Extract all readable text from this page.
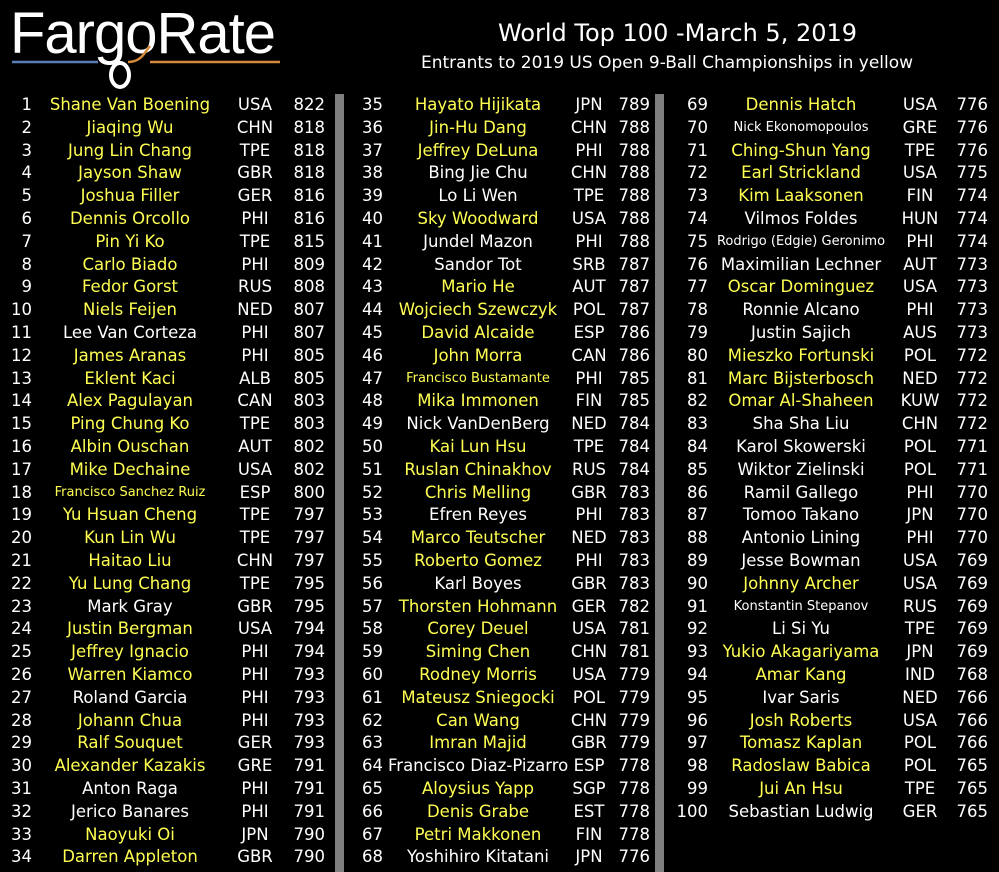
FargoRate	World Top 100 -March 5, 2019
Entrants to 2019 US Open 9-Ball Championships in yellow
1	Shane Van Boening	USA	822
2	Jiaqing Wu	CHN	818
3	Jung Lin Chang	TPE	818
4	Jayson Shaw	GBR	818
5	Joshua Filler	GER	816
6	Dennis Orcollo	PHI	816
7	Pin Yi Ko	TPE	815
8	Carlo Biado	PHI	809
9	Fedor Gorst	RUS	808
10	Niels Feijen	NED	807
11	Lee Van Corteza	PHI	807
12	James Aranas	PHI	805
13	Eklent Kaci	ALB	805
14	Alex Pagulayan	CAN	803
15	Ping Chung Ko	TPE	803
16	Albin Ouschan	AUT	802
17	Mike Dechaine	USA	802
18	Francisco Sanchez Ruiz	ESP	800
19	Yu Hsuan Cheng	TPE	797
20	Kun Lin Wu	TPE	797
21	Haitao Liu	CHN	797
22	Yu Lung Chang	TPE	795
23	Mark Gray	GBR	795
24	Justin Bergman	USA	794
25	Jeffrey Ignacio	PHI	794
26	Warren Kiamco	PHI	793
27	Roland Garcia	PHI	793
28	Johann Chua	PHI	793
29	Ralf Souquet	GER	793
30	Alexander Kazakis	GRE	791
31	Anton Raga	PHI	791
32	Jerico Banares	PHI	791
33	Naoyuki Oi	JPN	790
34	Darren Appleton	GBR	790
35	Hayato Hijikata	JPN 789
36	Jin-Hu Dang	CHN 788
37	Jeffrey DeLuna	PHI 788
38	Bing Jie Chu	CHN 788
39	Lo Li Wen	TPE 788
40	Sky Woodward	USA 788
41	Jundel Mazon	PHI 788
42	Sandor Tot	SRB 787
43	Mario He	AUT 787
44 Wojciech Szewczyk POL 787
45	David Alcaide	ESP 786
46	John Morra	CAN 786
47	Francisco Bustamante	PHI 785
48	Mika Immonen	FIN 785
49	Nick VanDenBerg	NED 784
50	Kai Lun Hsu	TPE 784
51	Ruslan Chinakhov	RUS 784
52	Chris Melling	GBR 783
53	Efren Reyes	PHI 783
54	Marco Teutscher	NED 783
55	Roberto Gomez	PHI 783
56	Karl Boyes	GBR 783
57 Thorsten Hohmann GER 782
58	Corey Deuel	USA 781
59	Siming Chen	CHN 781
60	Rodney Morris	USA 779
61	Mateusz Sniegocki	POL 779
62	Can Wang	CHN 779
63	Imran Majid	GBR 779
64 Francisco Diaz-Pizarro ESP 778
65	Aloysius Yapp	SGP 778
66	Denis Grabe	EST 778
67	Petri Makkonen	FIN 778
68	Yoshihiro Kitatani	JPN 776
69	Dennis Hatch	USA	776
70	Nick Ekonomopoulos	GRE	776
71	Ching-Shun Yang	TPE	776
72	Earl Strickland	USA	775
73	Kim Laaksonen	FIN	774
74	Vilmos Foldes	HUN	774
75 Rodrigo (Edgie) Geronimo	PHI	774
76 Maximilian Lechner	AUT	773
77	Oscar Dominguez	USA	773
78	Ronnie Alcano	PHI	773
79	Justin Sajich	AUS	773
80	Mieszko Fortunski	POL	772
81	Marc Bijsterbosch	NED	772
82	Omar Al-Shaheen	KUW	772
83	Sha Sha Liu	CHN	772
84	Karol Skowerski	POL	771
85	Wiktor Zielinski	POL	771
86	Ramil Gallego	PHI	770
87	Tomoo Takano	JPN	770
88	Antonio Lining	PHI	770
89	Jesse Bowman	USA	769
90	Johnny Archer	USA	769
91	Konstantin Stepanov	RUS	769
92	Li Si Yu	TPE	769
93 Yukio Akagariyama	JPN	769
94	Amar Kang	IND	768
95	Ivar Saris	NED	766
96	Josh Roberts	USA	766
97	Tomasz Kaplan	POL	766
98	Radoslaw Babica	POL	765
99	Jui An Hsu	TPE	765
100	Sebastian Ludwig	GER	765
